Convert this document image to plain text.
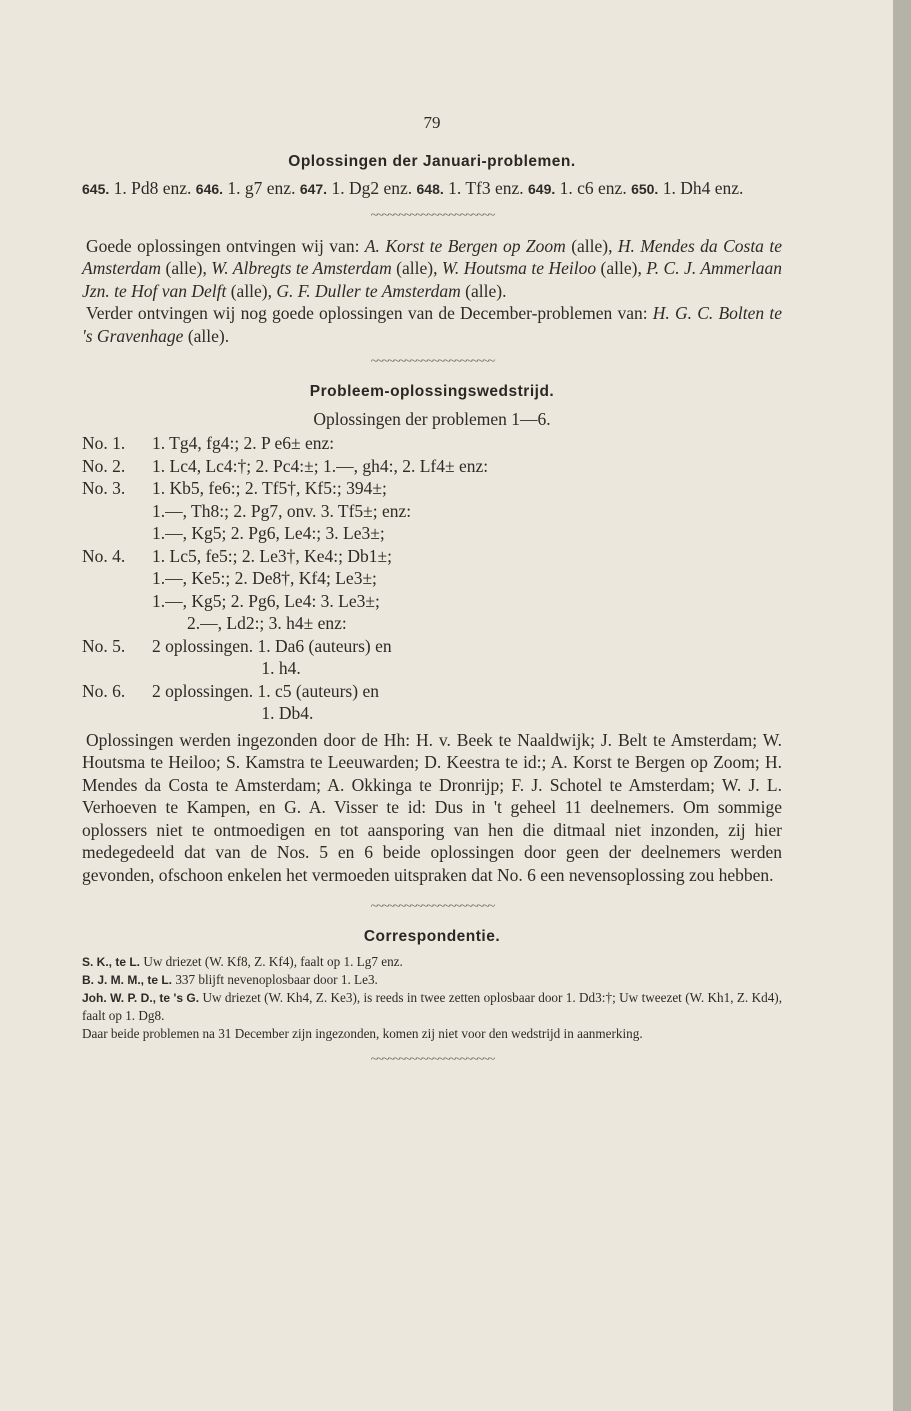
79
Oplossingen der Januari-problemen.

645. 1. Pd8 enz. 646. 1. g7 enz. 647. 1. Dg2 enz. 648. 1. Tf3 enz. 649. 1. c6 enz. 650. 1. Dh4 enz.

~~~~~~~~~~~~~~~~~~~~~~

Goede oplossingen ontvingen wij van: A. Korst te Bergen op Zoom (alle), H. Mendes da Costa te Amsterdam (alle), W. Albregts te Amsterdam (alle), W. Houtsma te Heiloo (alle), P. C. J. Ammerlaan Jzn. te Hof van Delft (alle), G. F. Duller te Amsterdam (alle).

Verder ontvingen wij nog goede oplossingen van de December-problemen van: H. G. C. Bolten te 's Gravenhage (alle).

~~~~~~~~~~~~~~~~~~~~~~
Probleem-oplossingswedstrijd.
Oplossingen der problemen 1—6.
No. 1.	1. Tg4, fg4:; 2. P e6± enz:
No. 2.	1. Lc4, Lc4:†; 2. Pc4:±; 1.—, gh4:, 2. Lf4± enz:
No. 3.	1. Kb5, fe6:; 2. Tf5†, Kf5:; 394±;
1.—, Th8:; 2. Pg7, onv. 3. Tf5±; enz:
1.—, Kg5; 2. Pg6, Le4:; 3. Le3±;
No. 4.	1. Lc5, fe5:; 2. Le3†, Ke4:; Db1±;
1.—, Ke5:; 2. De8†, Kf4; Le3±;
1.—, Kg5; 2. Pg6, Le4: 3. Le3±;
2.—, Ld2:; 3. h4± enz:
No. 5.	2 oplossingen. 1. Da6 (auteurs) en
1. h4.
No. 6.	2 oplossingen. 1. c5 (auteurs) en
1. Db4.

Oplossingen werden ingezonden door de Hh: H. v. Beek te Naaldwijk; J. Belt te Amsterdam; W. Houtsma te Heiloo; S. Kamstra te Leeuwarden; D. Keestra te id:; A. Korst te Bergen op Zoom; H. Mendes da Costa te Amsterdam; A. Okkinga te Dronrijp; F. J. Schotel te Amsterdam; W. J. L. Verhoeven te Kampen, en G. A. Visser te id: Dus in 't geheel 11 deelnemers. Om sommige oplossers niet te ontmoedigen en tot aansporing van hen die ditmaal niet inzonden, zij hier medegedeeld dat van de Nos. 5 en 6 beide oplossingen door geen der deelnemers werden gevonden, ofschoon enkelen het vermoeden uitspraken dat No. 6 een nevensoplossing zou hebben.

~~~~~~~~~~~~~~~~~~~~~~
Correspondentie.

S. K., te L. Uw driezet (W. Kf8, Z. Kf4), faalt op 1. Lg7 enz.

B. J. M. M., te L. 337 blijft nevenoplosbaar door 1. Le3.

Joh. W. P. D., te 's G. Uw driezet (W. Kh4, Z. Ke3), is reeds in twee zetten oplosbaar door 1. Dd3:†; Uw tweezet (W. Kh1, Z. Kd4), faalt op 1. Dg8.

Daar beide problemen na 31 December zijn ingezonden, komen zij niet voor den wedstrijd in aanmerking.

~~~~~~~~~~~~~~~~~~~~~~
